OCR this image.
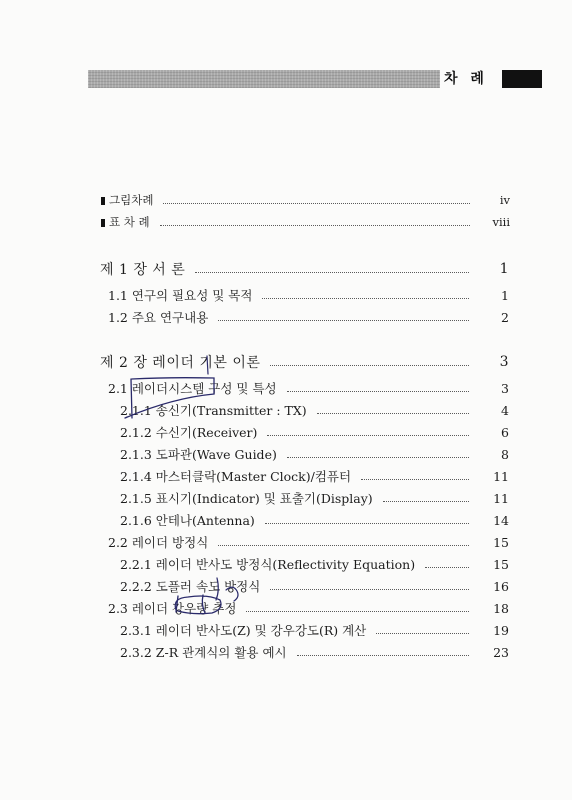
차 례
그림차례	iv
표 차 례	viii
제 1 장 서 론	1
1.1 연구의 필요성 및 목적	1
1.2 주요 연구내용	2
제 2 장 레이더 기본 이론	3
2.1 레이더시스템 구성 및 특성	3
2.1.1 송신기(Transmitter : TX)	4
2.1.2 수신기(Receiver)	6
2.1.3 도파관(Wave Guide)	8
2.1.4 마스터클락(Master Clock)/컴퓨터	11
2.1.5 표시기(Indicator) 및 표출기(Display)	11
2.1.6 안테나(Antenna)	14
2.2 레이더 방정식	15
2.2.1 레이더 반사도 방정식(Reflectivity Equation)	15
2.2.2 도플러 속도 방정식	16
2.3 레이더 강우량 추정	18
2.3.1 레이더 반사도(Z) 및 강우강도(R) 계산	19
2.3.2 Z-R 관계식의 활용 예시	23
